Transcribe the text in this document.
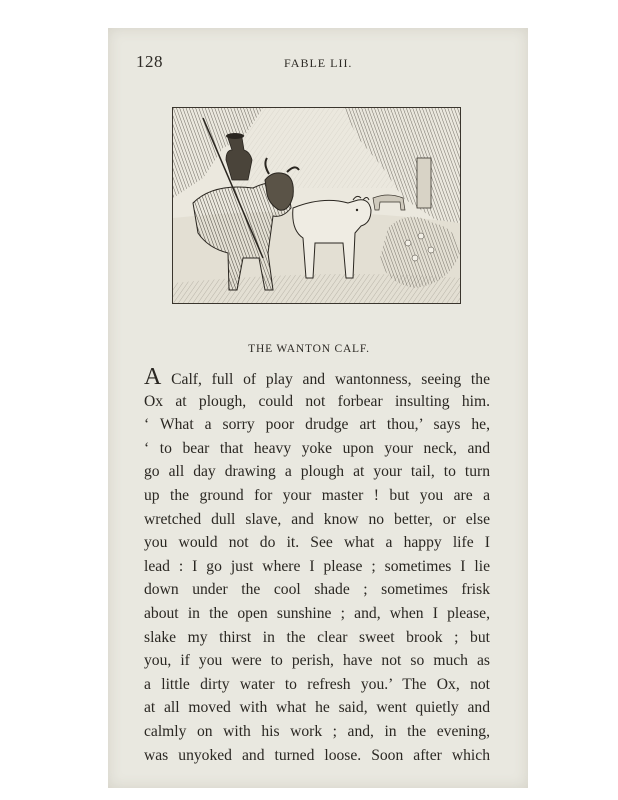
128	FABLE LII.
THE WANTON CALF.
A Calf, full of play and wantonness, seeing the
Ox at plough, could not forbear insulting him.
‘ What a sorry poor drudge art thou,’ says he,
‘ to bear that heavy yoke upon your neck, and
go all day drawing a plough at your tail, to turn
up the ground for your master ! but you are a
wretched dull slave, and know no better, or else
you would not do it. See what a happy life I
lead : I go just where I please ; sometimes I lie
down under the cool shade ; sometimes frisk
about in the open sunshine ; and, when I please,
slake my thirst in the clear sweet brook ; but
you, if you were to perish, have not so much as
a little dirty water to refresh you.’ The Ox, not
at all moved with what he said, went quietly and
calmly on with his work ; and, in the evening,
was unyoked and turned loose. Soon after which
